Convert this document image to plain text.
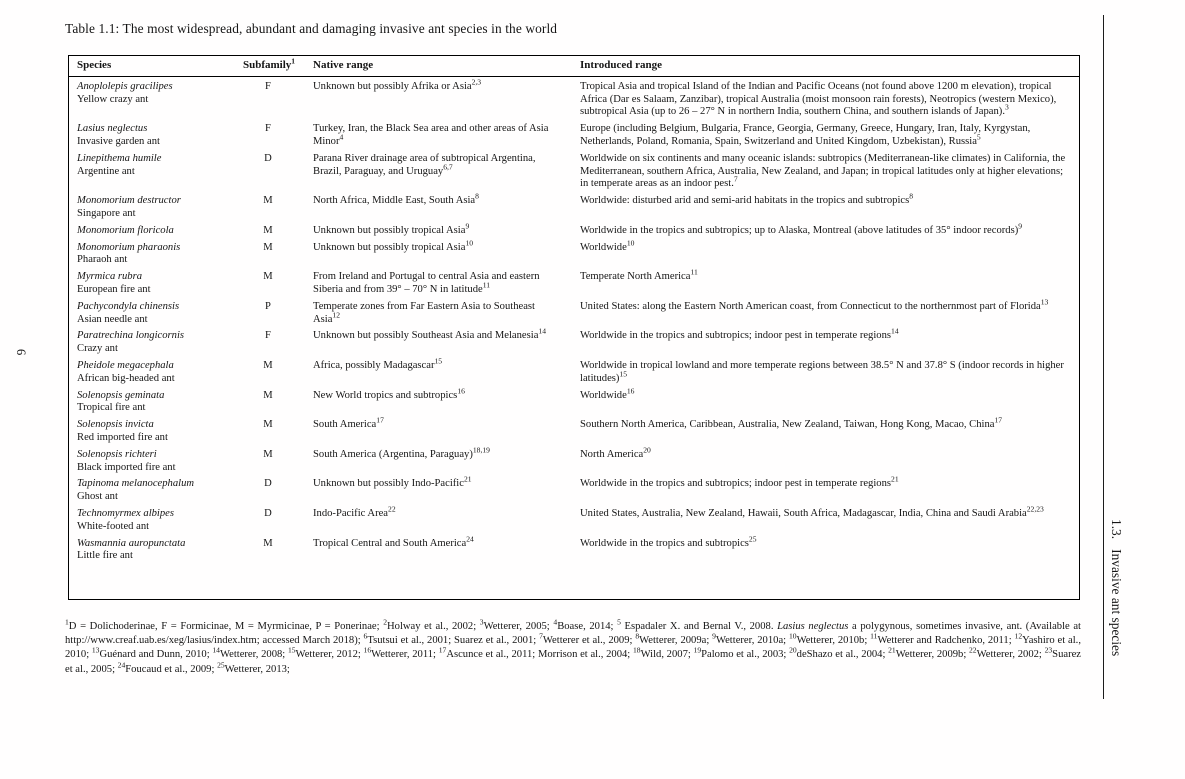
Table 1.1: The most widespread, abundant and damaging invasive ant species in the world
Species	Subfamily$^1$	Native range	Introduced range

Anoplolepis gracilipes
Yellow crazy ant	F	Unknown but possibly Afrika or Asia$^{2,3}$	Tropical Asia and tropical Island of the Indian and Pacific Oceans (not found above 1200 m elevation), tropical Africa (Dar es Salaam, Zanzibar), tropical Australia (moist monsoon rain forests), Neotropics (western Mexico), subtropical Asia (up to 26 – 27° N in northern India, southern China, and southern islands of Japan).$^3$

Lasius neglectus
Invasive garden ant	F	Turkey, Iran, the Black Sea area and other areas of Asia Minor$^4$	Europe (including Belgium, Bulgaria, France, Georgia, Germany, Greece, Hungary, Iran, Italy, Kyrgystan, Netherlands, Poland, Romania, Spain, Switzerland and United Kingdom, Uzbekistan), Russia$^5$

Linepithema humile
Argentine ant	D	Parana River drainage area of subtropical Argentina, Brazil, Paraguay, and Uruguay$^{6,7}$	Worldwide on six continents and many oceanic islands: subtropics (Mediterranean-like climates) in California, the Mediterranean, southern Africa, Australia, New Zealand, and Japan; in tropical latitudes only at higher elevations; in temperate areas as an indoor pest.$^7$

Monomorium destructor
Singapore ant	M	North Africa, Middle East, South Asia$^8$	Worldwide: disturbed arid and semi-arid habitats in the tropics and subtropics$^8$

Monomorium floricola	M	Unknown but possibly tropical Asia$^9$	Worldwide in the tropics and subtropics; up to Alaska, Montreal (above latitudes of 35° indoor records)$^9$

Monomorium pharaonis
Pharaoh ant	M	Unknown but possibly tropical Asia$^{10}$	Worldwide$^{10}$

Myrmica rubra
European fire ant	M	From Ireland and Portugal to central Asia and eastern Siberia and from 39° – 70° N in latitude$^{11}$	Temperate North America$^{11}$

Pachycondyla chinensis
Asian needle ant	P	Temperate zones from Far Eastern Asia to Southeast Asia$^{12}$	United States: along the Eastern North American coast, from Connecticut to the northernmost part of Florida$^{13}$

Paratrechina longicornis
Crazy ant	F	Unknown but possibly Southeast Asia and Melanesia$^{14}$	Worldwide in the tropics and subtropics; indoor pest in temperate regions$^{14}$

Pheidole megacephala
African big-headed ant	M	Africa, possibly Madagascar$^{15}$	Worldwide in tropical lowland and more temperate regions between 38.5° N and 37.8° S (indoor records in higher latitudes)$^{15}$

Solenopsis geminata
Tropical fire ant	M	New World tropics and subtropics$^{16}$	Worldwide$^{16}$

Solenopsis invicta
Red imported fire ant	M	South America$^{17}$	Southern North America, Caribbean, Australia, New Zealand, Taiwan, Hong Kong, Macao, China$^{17}$

Solenopsis richteri
Black imported fire ant	M	South America (Argentina, Paraguay)$^{18,19}$	North America$^{20}$

Tapinoma melanocephalum
Ghost ant	D	Unknown but possibly Indo-Pacific$^{21}$	Worldwide in the tropics and subtropics; indoor pest in temperate regions$^{21}$

Technomyrmex albipes
White-footed ant	D	Indo-Pacific Area$^{22}$	United States, Australia, New Zealand, Hawaii, South Africa, Madagascar, India, China and Saudi Arabia$^{22,23}$

Wasmannia auropunctata
Little fire ant	M	Tropical Central and South America$^{24}$	Worldwide in the tropics and subtropics$^{25}$
$^1$D = Dolichoderinae, F = Formicinae, M = Myrmicinae, P = Ponerinae; $^2$Holway et al., 2002; $^3$Wetterer, 2005; $^4$Boase, 2014; $^5$ Espadaler X. and Bernal V., 2008. Lasius neglectus a polygynous, sometimes invasive, ant. (Available at http://www.creaf.uab.es/xeg/lasius/index.htm; accessed March 2018); $^6$Tsutsui et al., 2001; Suarez et al., 2001; $^7$Wetterer et al., 2009; $^8$Wetterer, 2009a; $^9$Wetterer, 2010a; $^{10}$Wetterer, 2010b; $^{11}$Wetterer and Radchenko, 2011; $^{12}$Yashiro et al., 2010; $^{13}$Guénard and Dunn, 2010; $^{14}$Wetterer, 2008; $^{15}$Wetterer, 2012; $^{16}$Wetterer, 2011; $^{17}$Ascunce et al., 2011; Morrison et al., 2004; $^{18}$Wild, 2007; $^{19}$Palomo et al., 2003; $^{20}$deShazo et al., 2004; $^{21}$Wetterer, 2009b; $^{22}$Wetterer, 2002; $^{23}$Suarez et al., 2005; $^{24}$Foucaud et al., 2009; $^{25}$Wetterer, 2013;
1.3.   Invasive ant species
6
